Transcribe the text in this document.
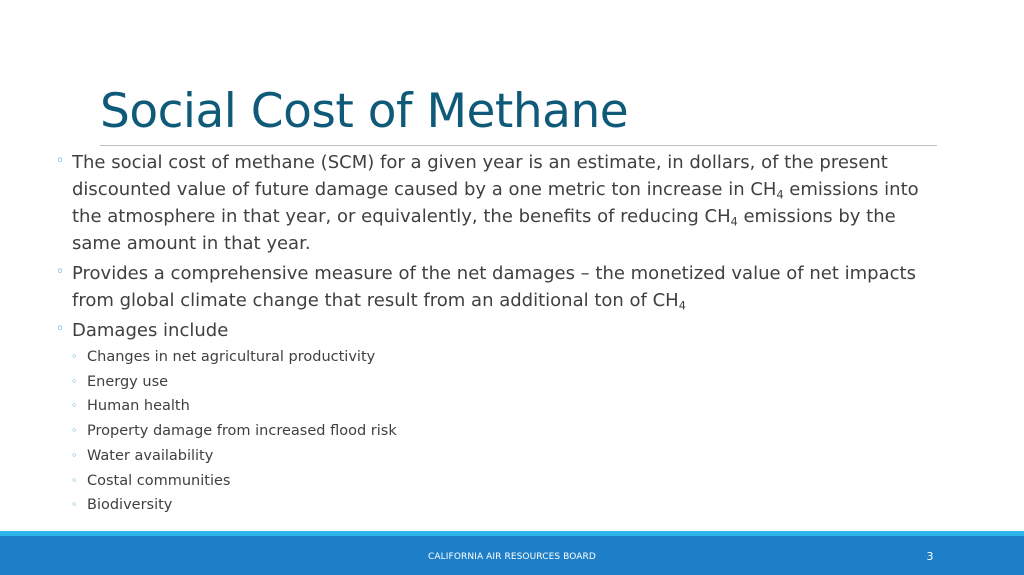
Social Cost of Methane
◦ The social cost of methane (SCM) for a given year is an estimate, in dollars, of the present discounted value of future damage caused by a one metric ton increase in $CH_4$ emissions into the atmosphere in that year, or equivalently, the benefits of reducing $CH_4$ emissions by the same amount in that year.
◦ Provides a comprehensive measure of the net damages – the monetized value of net impacts from global climate change that result from an additional ton of $CH_4$
◦ Damages include
◦ Changes in net agricultural productivity
◦ Energy use
◦ Human health
◦ Property damage from increased flood risk
◦ Water availability
◦ Costal communities
◦ Biodiversity
CALIFORNIA AIR RESOURCES BOARD	3
